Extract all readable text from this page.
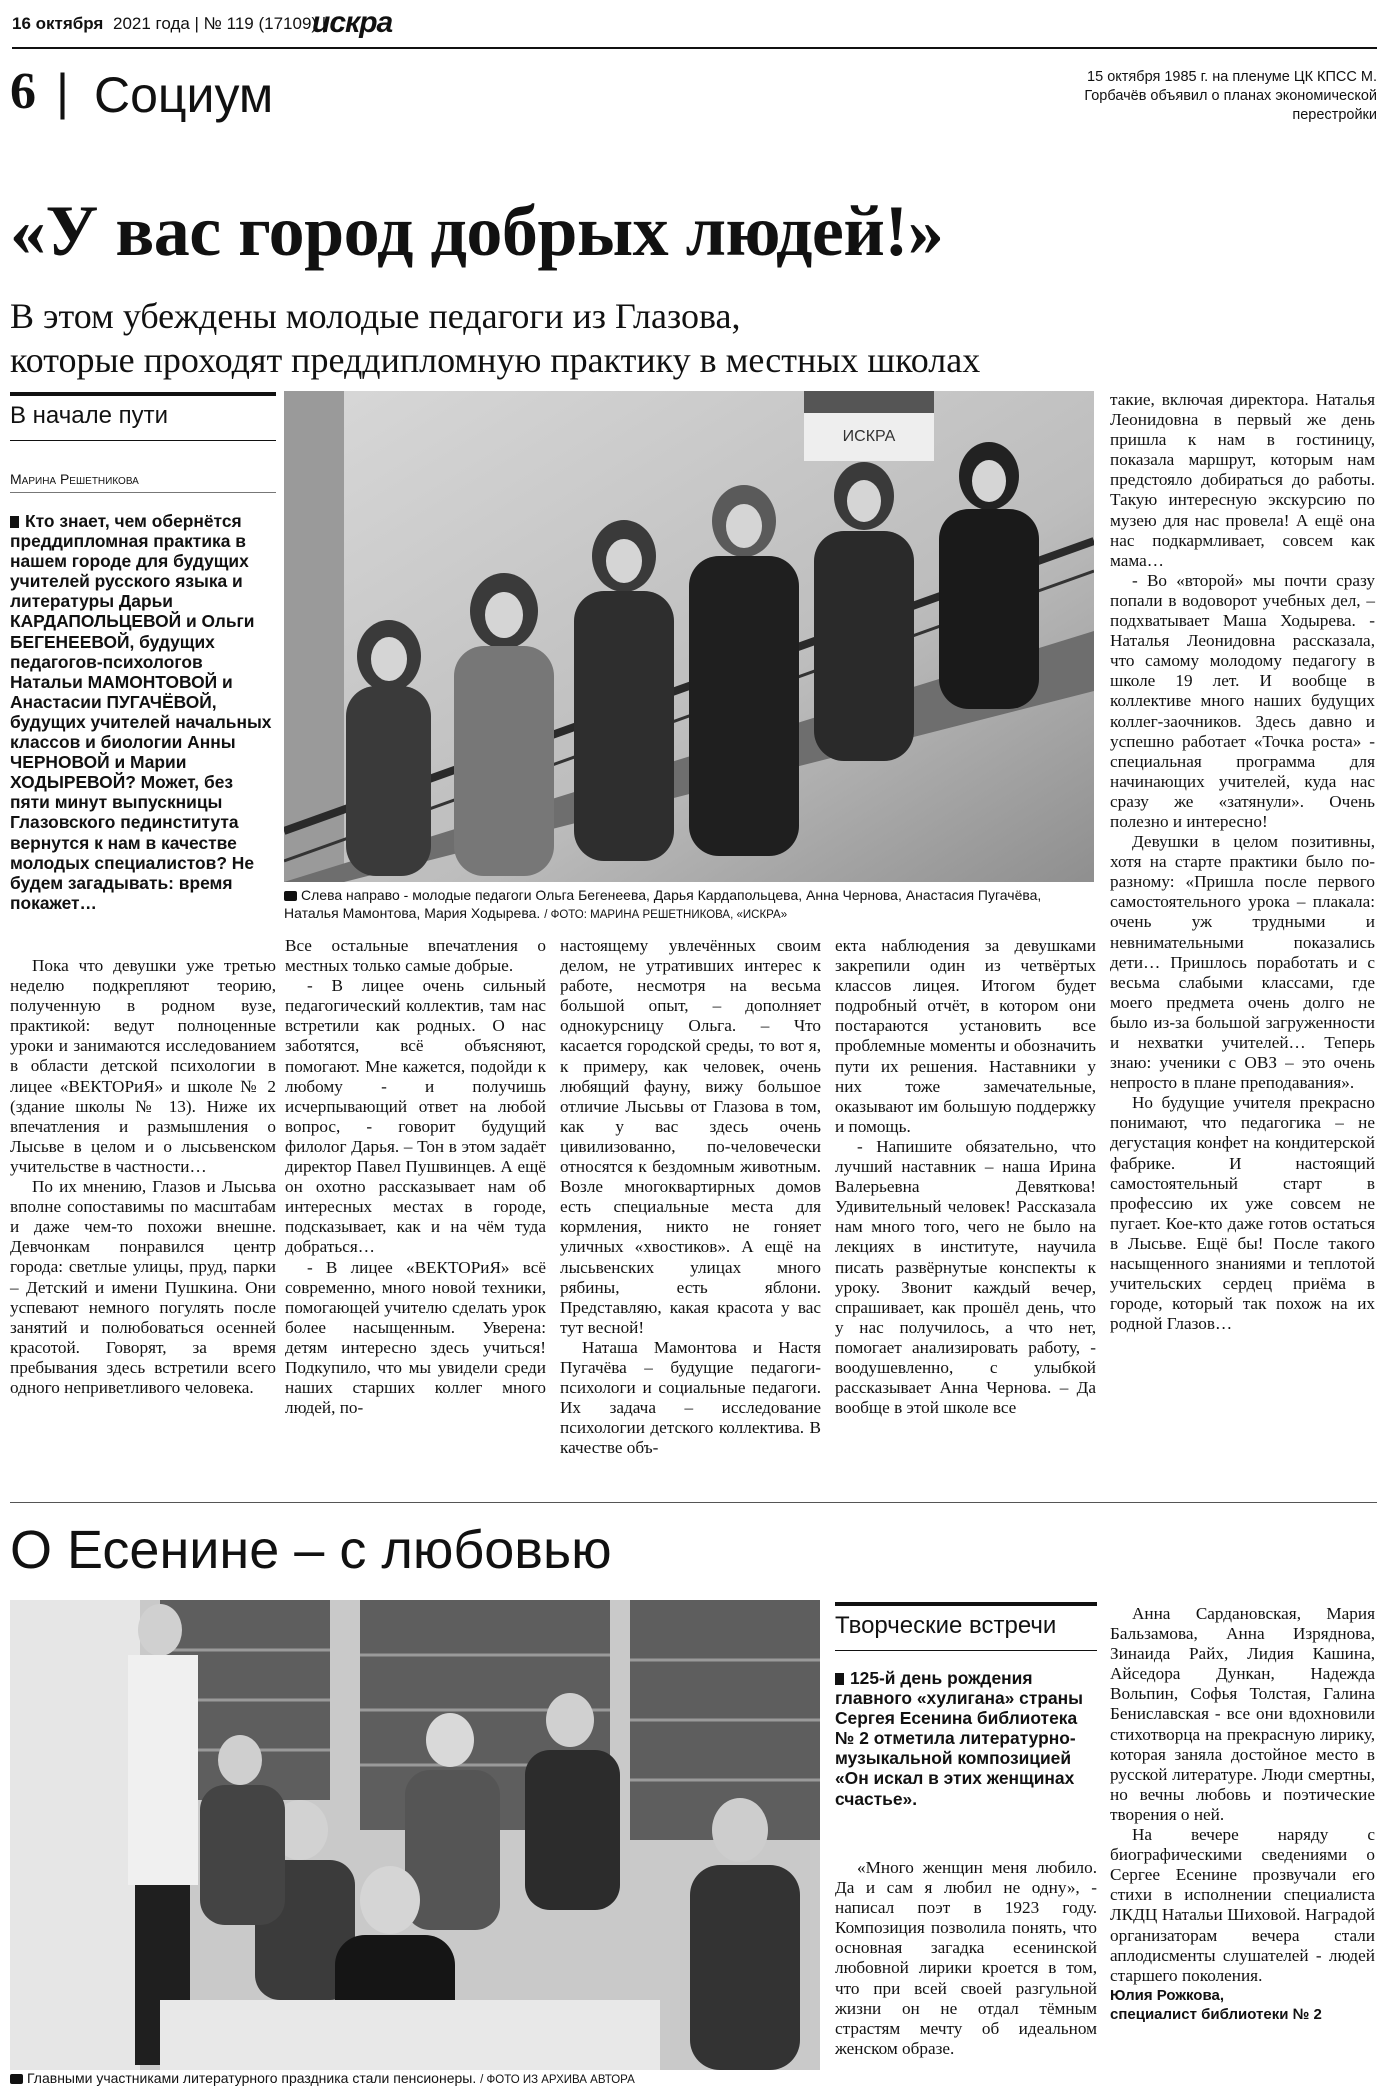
16 октября 2021 года | № 119 (17109) |
искра
6 | Социум	15 октября 1985 г. на пленуме ЦК КПСС М. Горбачёв объявил о планах экономической перестройки
«У вас город добрых людей!»
В этом убеждены молодые педагоги из Глазова,
которые проходят преддипломную практику в местных школах
В начале пути
Марина Решетникова
Кто знает, чем обернётся преддипломная практика в нашем городе для будущих учителей русского языка и литературы Дарьи КАРДАПОЛЬЦЕВОЙ и Ольги БЕГЕНЕЕВОЙ, будущих педагогов-психологов Натальи МАМОНТОВОЙ и Анастасии ПУГАЧЁВОЙ, будущих учителей начальных классов и биологии Анны ЧЕРНОВОЙ и Марии ХОДЫРЕВОЙ? Может, без пяти минут выпускницы Глазовского пединститута вернутся к нам в качестве молодых специалистов? Не будем загадывать: время покажет…
ИСКРА
Слева направо - молодые педагоги Ольга Бегенеева, Дарья Кардапольцева, Анна Чернова, Анастасия Пугачёва, Наталья Мамонтова, Мария Ходырева. / ФОТО: МАРИНА РЕШЕТНИКОВА, «ИСКРА»

Пока что девушки уже третью неделю подкрепляют теорию, полученную в родном вузе, практикой: ведут полноценные уроки и занимаются исследованием в области детской психологии в лицее «ВЕКТОРиЯ» и школе № 2 (здание школы № 13). Ниже их впечатления и размышления о Лысьве в целом и о лысьвенском учительстве в частности…

По их мнению, Глазов и Лысьва вполне сопоставимы по масштабам и даже чем-то похожи внешне. Девчонкам понравился центр города: светлые улицы, пруд, парки – Детский и имени Пушкина. Они успевают немного погулять после занятий и полюбоваться осенней красотой. Говорят, за время пребывания здесь встретили всего одного неприветливого человека.

Все остальные впечатления о местных только самые добрые.

- В лицее очень сильный педагогический коллектив, там нас встретили как родных. О нас заботятся, всё объясняют, помогают. Мне кажется, подойди к любому - и получишь исчерпывающий ответ на любой вопрос, - говорит будущий филолог Дарья. – Тон в этом задаёт директор Павел Пушвинцев. А ещё он охотно рассказывает нам об интересных местах в городе, подсказывает, как и на чём туда добраться…

- В лицее «ВЕКТОРиЯ» всё современно, много новой техники, помогающей учителю сделать урок более насыщенным. Уверена: детям интересно здесь учиться! Подкупило, что мы увидели среди наших старших коллег много людей, по-

настоящему увлечённых своим делом, не утративших интерес к работе, несмотря на весьма большой опыт, – дополняет однокурсницу Ольга. – Что касается городской среды, то вот я, к примеру, как человек, очень любящий фауну, вижу большое отличие Лысьвы от Глазова в том, как у вас здесь очень цивилизованно, по-человечески относятся к бездомным животным. Возле многоквартирных домов есть специальные места для кормления, никто не гоняет уличных «хвостиков». А ещё на лысьвенских улицах много рябины, есть яблони. Представляю, какая красота у вас тут весной!

Наташа Мамонтова и Настя Пугачёва – будущие педагоги-психологи и социальные педагоги. Их задача – исследование психологии детского коллектива. В качестве объ-

екта наблюдения за девушками закрепили один из четвёртых классов лицея. Итогом будет подробный отчёт, в котором они постараются установить все проблемные моменты и обозначить пути их решения. Наставники у них тоже замечательные, оказывают им большую поддержку и помощь.

- Напишите обязательно, что лучший наставник – наша Ирина Валерьевна Девяткова! Удивительный человек! Рассказала нам много того, чего не было на лекциях в институте, научила писать развёрнутые конспекты к уроку. Звонит каждый вечер, спрашивает, как прошёл день, что у нас получилось, а что нет, помогает анализировать работу, - воодушевленно, с улыбкой рассказывает Анна Чернова. – Да вообще в этой школе все

такие, включая директора. Наталья Леонидовна в первый же день пришла к нам в гостиницу, показала маршрут, которым нам предстояло добираться до работы. Такую интересную экскурсию по музею для нас провела! А ещё она нас подкармливает, совсем как мама…

- Во «второй» мы почти сразу попали в водоворот учебных дел, – подхватывает Маша Ходырева. - Наталья Леонидовна рассказала, что самому молодому педагогу в школе 19 лет. И вообще в коллективе много наших будущих коллег-заочников. Здесь давно и успешно работает «Точка роста» - специальная программа для начинающих учителей, куда нас сразу же «затянули». Очень полезно и интересно!

Девушки в целом позитивны, хотя на старте практики было по-разному: «Пришла после первого самостоятельного урока – плакала: очень уж трудными и невнимательными показались дети… Пришлось поработать и с весьма слабыми классами, где моего предмета очень долго не было из-за большой загруженности и нехватки учителей… Теперь знаю: ученики с ОВЗ – это очень непросто в плане преподавания».

Но будущие учителя прекрасно понимают, что педагогика – не дегустация конфет на кондитерской фабрике. И настоящий самостоятельный старт в профессию их уже совсем не пугает. Кое-кто даже готов остаться в Лысьве. Ещё бы! После такого насыщенного знаниями и теплотой учительских сердец приёма в городе, который так похож на их родной Глазов…

О Есенине – с любовью
Главными участниками литературного праздника стали пенсионеры. / ФОТО ИЗ АРХИВА АВТОРА
Творческие встречи
125-й день рождения главного «хулигана» страны Сергея Есенина библиотека № 2 отметила литературно-музыкальной композицией «Он искал в этих женщинах счастье».

«Много женщин меня любило. Да и сам я любил не одну», - написал поэт в 1923 году. Композиция позволила понять, что основная загадка есенинской любовной лирики кроется в том, что при всей своей разгульной жизни он не отдал тёмным страстям мечту об идеальном женском образе.

Анна Сардановская, Мария Бальзамова, Анна Изряднова, Зинаида Райх, Лидия Кашина, Айседора Дункан, Надежда Вольпин, Софья Толстая, Галина Бениславская - все они вдохновили стихотворца на прекрасную лирику, которая заняла достойное место в русской литературе. Люди смертны, но вечны любовь и поэтические творения о ней.

На вечере наряду с биографическими сведениями о Сергее Есенине прозвучали его стихи в исполнении специалиста ЛКДЦ Натальи Шиховой. Наградой организаторам вечера стали аплодисменты слушателей - людей старшего поколения.

Юлия Рожкова,

специалист библиотеки № 2
